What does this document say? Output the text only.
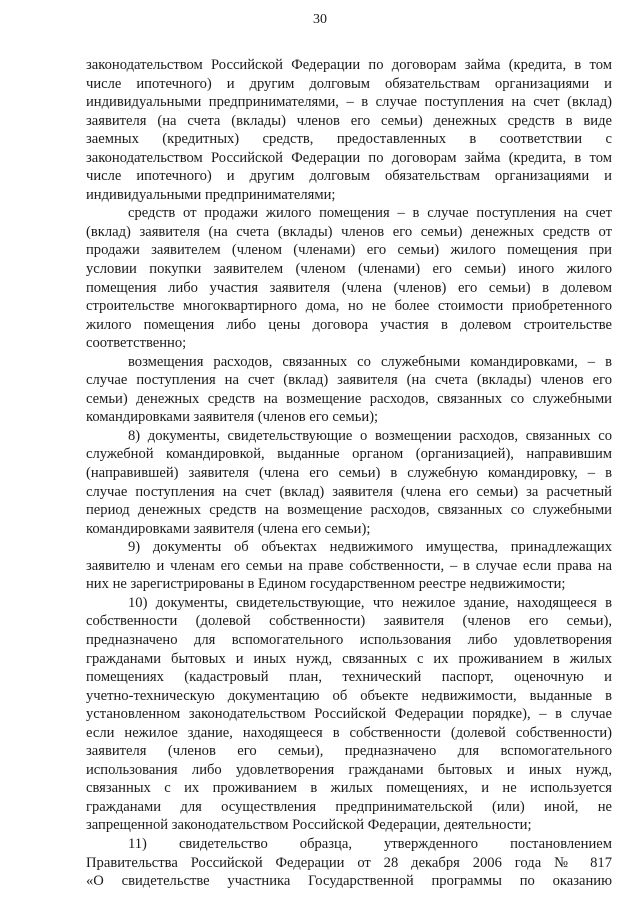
30
законодательством Российской Федерации по договорам займа (кредита, в том
числе ипотечного) и другим долговым обязательствам организациями и
индивидуальными предпринимателями, – в случае поступления на счет (вклад)
заявителя (на счета (вклады) членов его семьи) денежных средств в виде
заемных (кредитных) средств, предоставленных в соответствии с
законодательством Российской Федерации по договорам займа (кредита, в том
числе ипотечного) и другим долговым обязательствам организациями и
индивидуальными предпринимателями;
средств от продажи жилого помещения – в случае поступления на счет
(вклад) заявителя (на счета (вклады) членов его семьи) денежных средств от
продажи заявителем (членом (членами) его семьи) жилого помещения при
условии покупки заявителем (членом (членами) его семьи) иного жилого
помещения либо участия заявителя (члена (членов) его семьи) в долевом
строительстве многоквартирного дома, но не более стоимости приобретенного
жилого помещения либо цены договора участия в долевом строительстве
соответственно;
возмещения расходов, связанных со служебными командировками, – в
случае поступления на счет (вклад) заявителя (на счета (вклады) членов его
семьи) денежных средств на возмещение расходов, связанных со служебными
командировками заявителя (членов его семьи);
8) документы, свидетельствующие о возмещении расходов, связанных со
служебной командировкой, выданные органом (организацией), направившим
(направившей) заявителя (члена его семьи) в служебную командировку, – в
случае поступления на счет (вклад) заявителя (члена его семьи) за расчетный
период денежных средств на возмещение расходов, связанных со служебными
командировками заявителя (члена его семьи);
9) документы об объектах недвижимого имущества, принадлежащих
заявителю и членам его семьи на праве собственности, – в случае если права на
них не зарегистрированы в Едином государственном реестре недвижимости;
10) документы, свидетельствующие, что нежилое здание, находящееся в
собственности (долевой собственности) заявителя (членов его семьи),
предназначено для вспомогательного использования либо удовлетворения
гражданами бытовых и иных нужд, связанных с их проживанием в жилых
помещениях (кадастровый план, технический паспорт, оценочную и
учетно-техническую документацию об объекте недвижимости, выданные в
установленном законодательством Российской Федерации порядке), – в случае
если нежилое здание, находящееся в собственности (долевой собственности)
заявителя (членов его семьи), предназначено для вспомогательного
использования либо удовлетворения гражданами бытовых и иных нужд,
связанных с их проживанием в жилых помещениях, и не используется
гражданами для осуществления предпринимательской (или) иной, не
запрещенной законодательством Российской Федерации, деятельности;
11) свидетельство образца, утвержденного постановлением
Правительства Российской Федерации от 28 декабря 2006 года № 817
«О свидетельстве участника Государственной программы по оказанию
